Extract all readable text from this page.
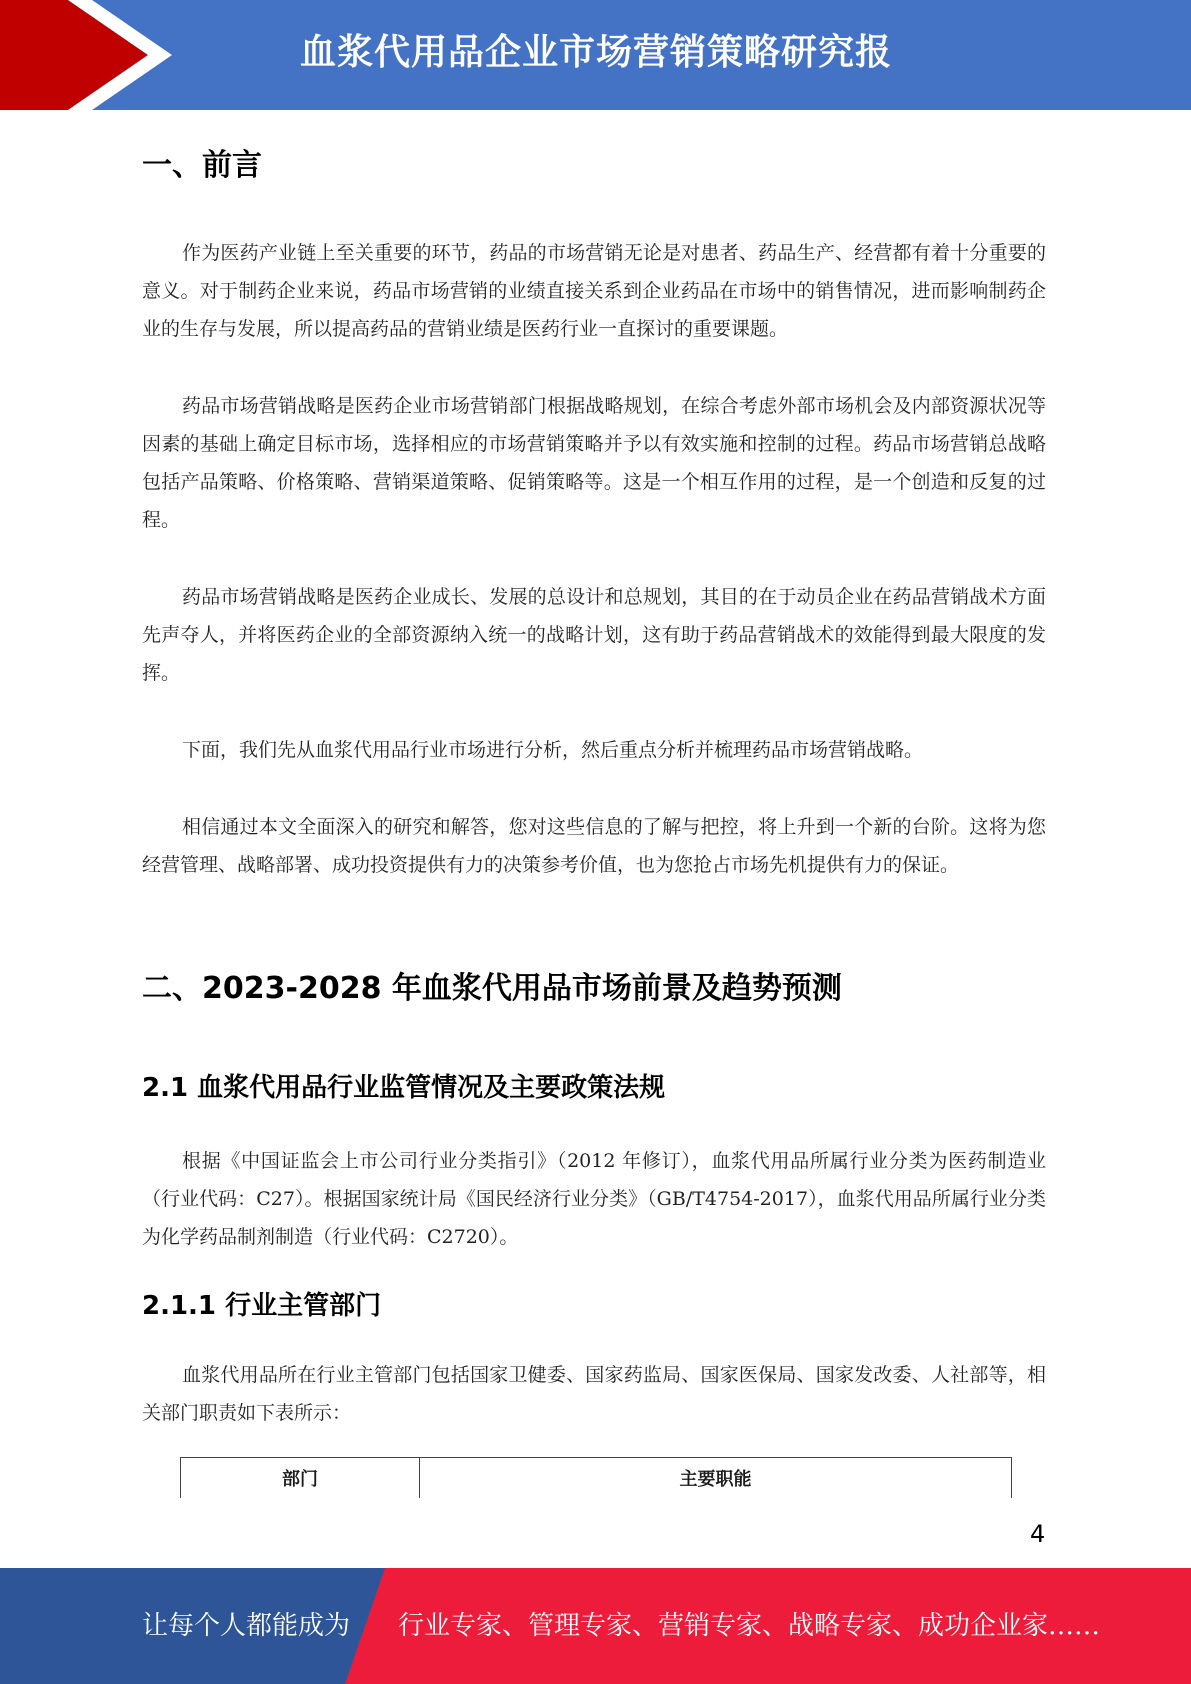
血浆代用品企业市场营销策略研究报告
一、前言

作为医药产业链上至关重要的环节，药品的市场营销无论是对患者、药品生产、经营都有着十分重要的意义。对于制药企业来说，药品市场营销的业绩直接关系到企业药品在市场中的销售情况，进而影响制药企业的生存与发展，所以提高药品的营销业绩是医药行业一直探讨的重要课题。

药品市场营销战略是医药企业市场营销部门根据战略规划，在综合考虑外部市场机会及内部资源状况等因素的基础上确定目标市场，选择相应的市场营销策略并予以有效实施和控制的过程。药品市场营销总战略包括产品策略、价格策略、营销渠道策略、促销策略等。这是一个相互作用的过程，是一个创造和反复的过程。

药品市场营销战略是医药企业成长、发展的总设计和总规划，其目的在于动员企业在药品营销战术方面先声夺人，并将医药企业的全部资源纳入统一的战略计划，这有助于药品营销战术的效能得到最大限度的发挥。

下面，我们先从血浆代用品行业市场进行分析，然后重点分析并梳理药品市场营销战略。

相信通过本文全面深入的研究和解答，您对这些信息的了解与把控，将上升到一个新的台阶。这将为您经营管理、战略部署、成功投资提供有力的决策参考价值，也为您抢占市场先机提供有力的保证。

二、2023-2028 年血浆代用品市场前景及趋势预测
2.1 血浆代用品行业监管情况及主要政策法规

根据《中国证监会上市公司行业分类指引》（2012 年修订），血浆代用品所属行业分类为医药制造业（行业代码：C27）。根据国家统计局《国民经济行业分类》（GB/T4754-2017），血浆代用品所属行业分类为化学药品制剂制造（行业代码：C2720）。

2.1.1 行业主管部门

血浆代用品所在行业主管部门包括国家卫健委、国家药监局、国家医保局、国家发改委、人社部等，相关部门职责如下表所示：

部门	主要职能
4
让每个人都能成为 行业专家、管理专家、营销专家、战略专家、成功企业家……
